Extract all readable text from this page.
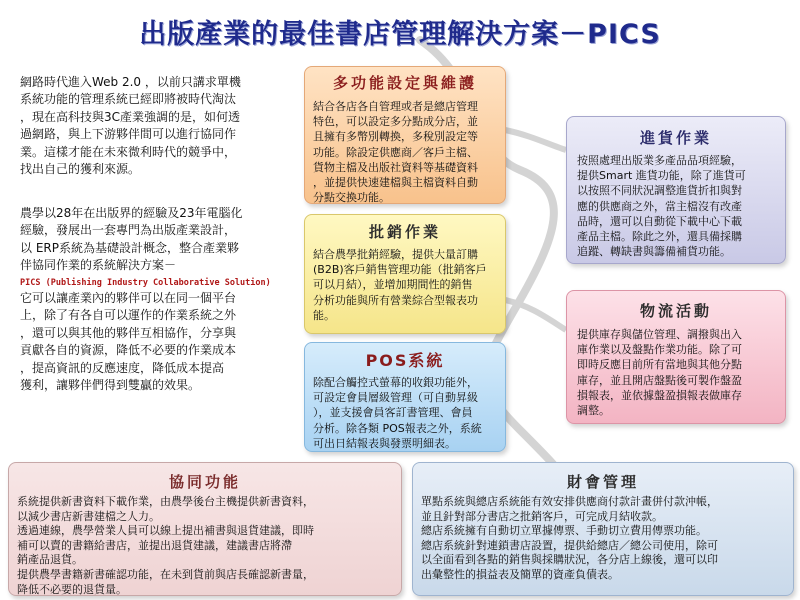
出版產業的最佳書店管理解決方案－PICS
網路時代進入Web 2.0 ，以前只講求單機
系統功能的管理系統已經即將被時代淘汰
，現在高科技與3C產業強調的是，如何透
過網路，與上下游夥伴間可以進行協同作
業。這樣才能在未來微利時代的競爭中，
找出自己的獲利來源。
農學以28年在出版界的經驗及23年電腦化
經驗，發展出一套專門為出版產業設計，
以 ERP系統為基礎設計概念，整合產業夥
伴協同作業的系統解決方案－
PICS (Publishing Industry Collaborative Solution)
它可以讓產業內的夥伴可以在同一個平台
上，除了有各自可以運作的作業系統之外
，還可以與其他的夥伴互相協作，分享與
貢獻各自的資源，降低不必要的作業成本
，提高資訊的反應速度，降低成本提高
獲利，讓夥伴們得到雙贏的效果。
多功能設定與維護
結合各店各自管理或者是總店管理
特色，可以設定多分點成分店，並
且擁有多幣別轉換，多稅別設定等
功能。除設定供應商／客戶主檔、
貨物主檔及出版社資料等基礎資料
，並提供快速建檔與主檔資料自動
分點交換功能。
批銷作業
結合農學批銷經驗，提供大量訂購
(B2B)客戶銷售管理功能（批銷客戶
可以月結），並增加期間性的銷售
分析功能與所有營業綜合型報表功
能。
POS系統
除配合觸控式螢幕的收銀功能外，
可設定會員層級管理（可自動昇級
），並支援會員客訂書管理、會員
分析。除各類 POS報表之外，系統
可出日結報表與發票明細表。
進貨作業
按照處理出版業多產品品項經驗，
提供Smart 進貨功能，除了進貨可
以按照不同狀況調整進貨折扣與對
應的供應商之外，當主檔沒有改產
品時，還可以自動從下載中心下載
產品主檔。除此之外，還具備採購
追蹤、轉缺書與籌備補貨功能。
物流活動
提供庫存與儲位管理、調撥與出入
庫作業以及盤點作業功能。除了可
即時反應目前所有當地與其他分點
庫存，並且開店盤點後可製作盤盈
損報表，並依據盤盈損報表做庫存
調整。
協同功能
系統提供新書資料下載作業，由農學後台主機提供新書資料，
以減少書店新書建檔之人力。
透過連線，農學營業人員可以線上提出補書與退貨建議，即時
補可以賣的書籍給書店，並提出退貨建議，建議書店將滯
銷產品退貨。
提供農學書籍新書確認功能，在未到貨前與店長確認新書量，
降低不必要的退貨量。
財會管理
單點系統與總店系統能有效安排供應商付款計畫併付款沖帳，
並且針對部分書店之批銷客戶，可完成月結收款。
總店系統擁有自動切立單據傳票、手動切立費用傳票功能。
總店系統針對連鎖書店設置，提供給總店／總公司使用，除可
以全面看到各點的銷售與採購狀況，各分店上線後，還可以印
出彙整性的損益表及簡單的資產負債表。
